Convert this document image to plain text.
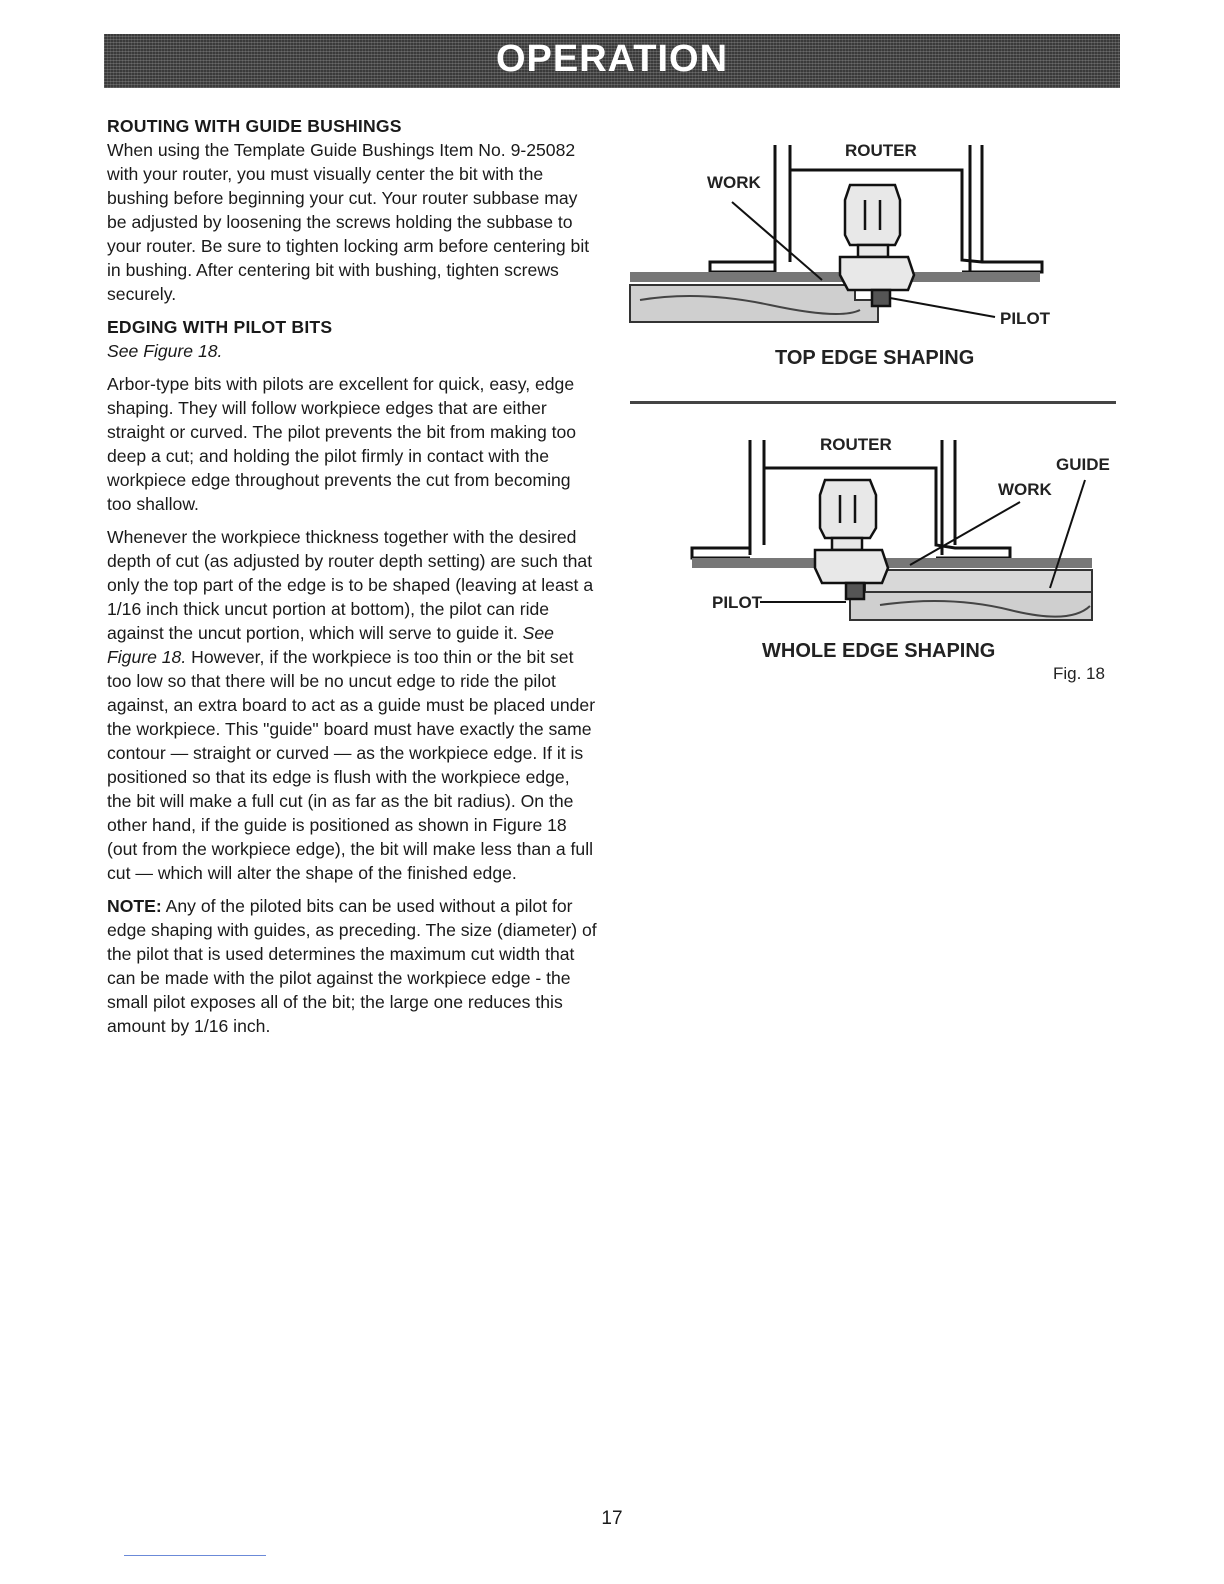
OPERATION
ROUTING WITH GUIDE BUSHINGS

When using the Template Guide Bushings Item No. 9-25082 with your router, you must visually center the bit with the bushing before beginning your cut. Your router subbase may be adjusted by loosening the screws holding the subbase to your router. Be sure to tighten locking arm before centering bit in bushing. After centering bit with bushing, tighten screws securely.

EDGING WITH PILOT BITS
See Figure 18.

Arbor-type bits with pilots are excellent for quick, easy, edge shaping. They will follow workpiece edges that are either straight or curved. The pilot prevents the bit from making too deep a cut; and holding the pilot firmly in contact with the workpiece edge throughout prevents the cut from becoming too shallow.

Whenever the workpiece thickness together with the desired depth of cut (as adjusted by router depth setting) are such that only the top part of the edge is to be shaped (leaving at least a 1/16 inch thick uncut portion at bottom), the pilot can ride against the uncut portion, which will serve to guide it. See Figure 18. However, if the workpiece is too thin or the bit set too low so that there will be no uncut edge to ride the pilot against, an extra board to act as a guide must be placed under the workpiece. This "guide" board must have exactly the same contour — straight or curved — as the workpiece edge. If it is positioned so that its edge is flush with the workpiece edge, the bit will make a full cut (in as far as the bit radius). On the other hand, if the guide is positioned as shown in Figure 18 (out from the workpiece edge), the bit will make less than a full cut — which will alter the shape of the finished edge.

NOTE: Any of the piloted bits can be used without a pilot for edge shaping with guides, as preceding. The size (diameter) of the pilot that is used determines the maximum cut width that can be made with the pilot against the workpiece edge - the small pilot exposes all of the bit; the large one reduces this amount by 1/16 inch.

ROUTER
WORK
PILOT
TOP EDGE SHAPING
ROUTER
WORK
GUIDE
PILOT
WHOLE EDGE SHAPING
Fig. 18
17
